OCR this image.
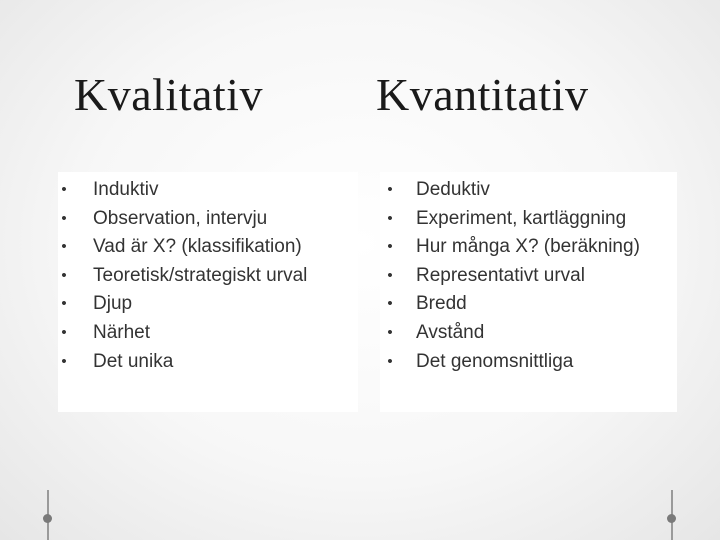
Kvalitativ Kvantitativ
• Induktiv
• Observation, intervju
• Vad är X? (klassifikation)
• Teoretisk/strategiskt urval
• Djup
• Närhet
• Det unika
• Deduktiv
• Experiment, kartläggning
• Hur många X? (beräkning)
• Representativt urval
• Bredd
• Avstånd
• Det genomsnittliga
